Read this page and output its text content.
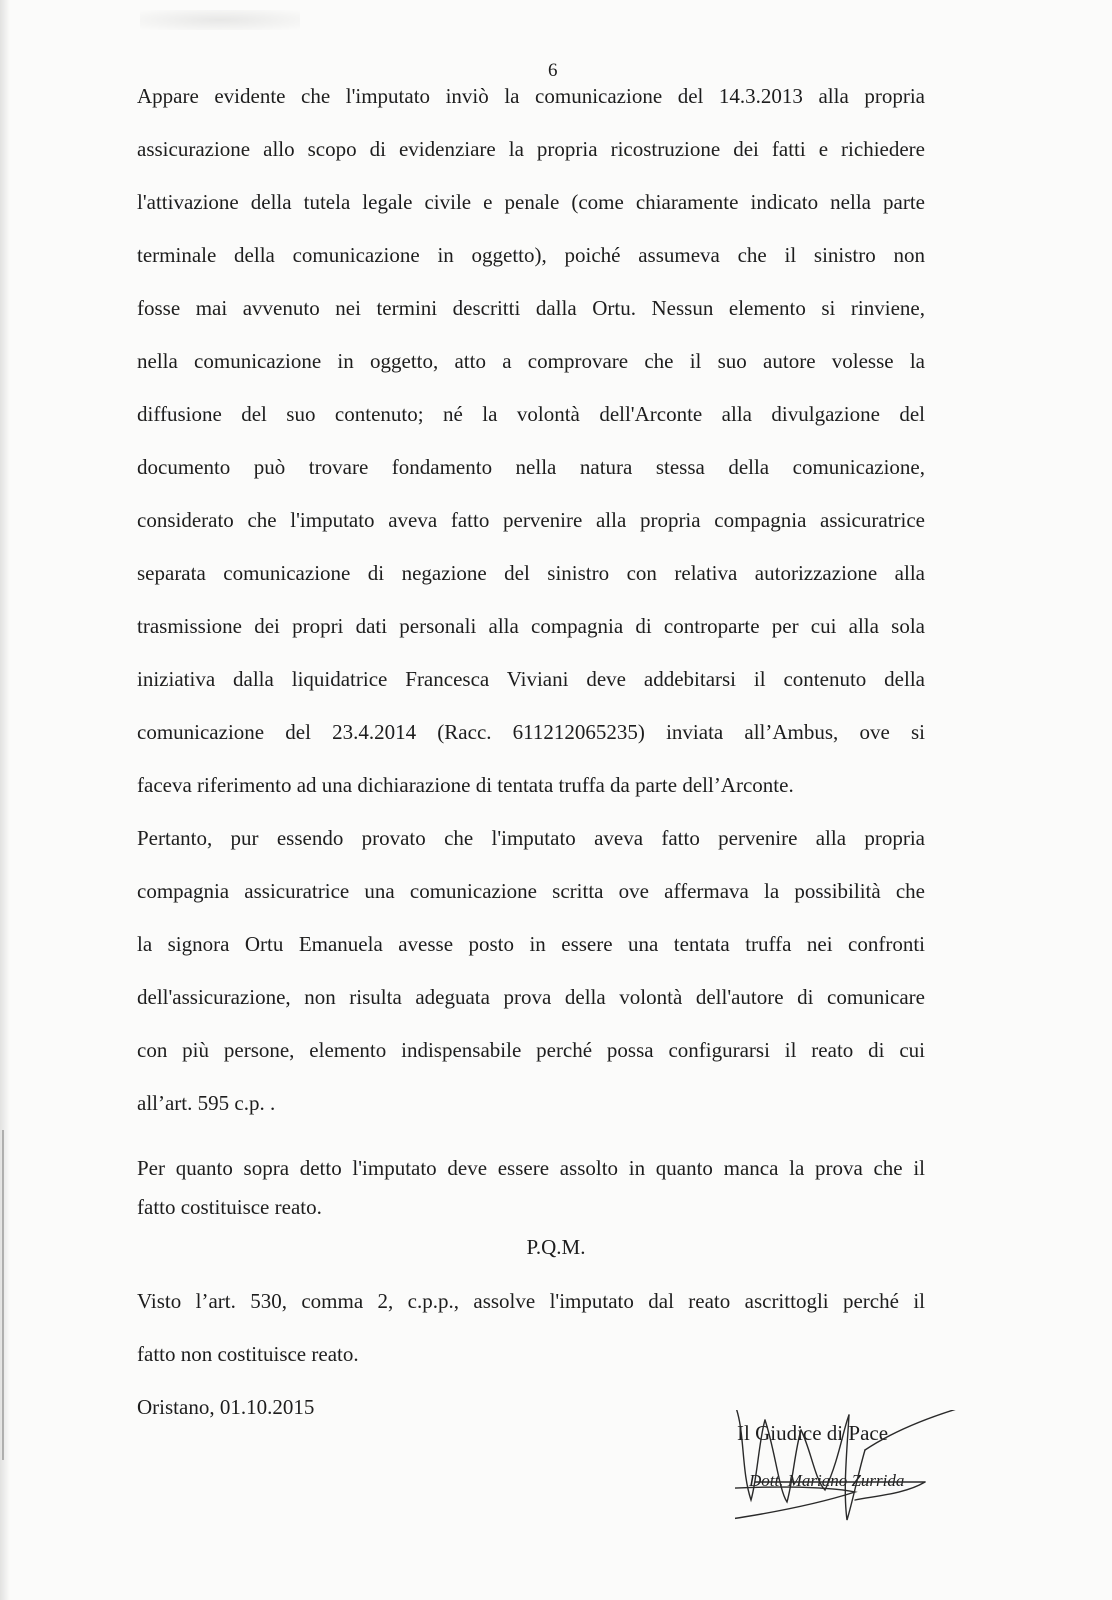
6
Appare evidente che l'imputato inviò la comunicazione del 14.3.2013 alla propria
assicurazione allo scopo di evidenziare la propria ricostruzione dei fatti e richiedere
l'attivazione della tutela legale civile e penale (come chiaramente indicato nella parte
terminale della comunicazione in oggetto), poiché assumeva che il sinistro non
fosse mai avvenuto nei termini descritti dalla Ortu. Nessun elemento si rinviene,
nella comunicazione in oggetto, atto a comprovare che il suo autore volesse la
diffusione del suo contenuto; né la volontà dell'Arconte alla divulgazione del
documento può trovare fondamento nella natura stessa della comunicazione,
considerato che l'imputato aveva fatto pervenire alla propria compagnia assicuratrice
separata comunicazione di negazione del sinistro con relativa autorizzazione alla
trasmissione dei propri dati personali alla compagnia di controparte per cui alla sola
iniziativa dalla liquidatrice Francesca Viviani deve addebitarsi il contenuto della
comunicazione del 23.4.2014 (Racc. 611212065235) inviata all’Ambus, ove si
faceva riferimento ad una dichiarazione di tentata truffa da parte dell’Arconte.
Pertanto, pur essendo provato che l'imputato aveva fatto pervenire alla propria
compagnia assicuratrice una comunicazione scritta ove affermava la possibilità che
la signora Ortu Emanuela avesse posto in essere una tentata truffa nei confronti
dell'assicurazione, non risulta adeguata prova della volontà dell'autore di comunicare
con più persone, elemento indispensabile perché possa configurarsi il reato di cui
all’art. 595 c.p. .
Per quanto sopra detto l'imputato deve essere assolto in quanto manca la prova che il
fatto costituisce reato.
P.Q.M.
Visto l’art. 530, comma 2, c.p.p., assolve l'imputato dal reato ascrittogli perché il
fatto non costituisce reato.
Oristano, 01.10.2015
Il Giudice di Pace
Dott. Mariano Zurrida
